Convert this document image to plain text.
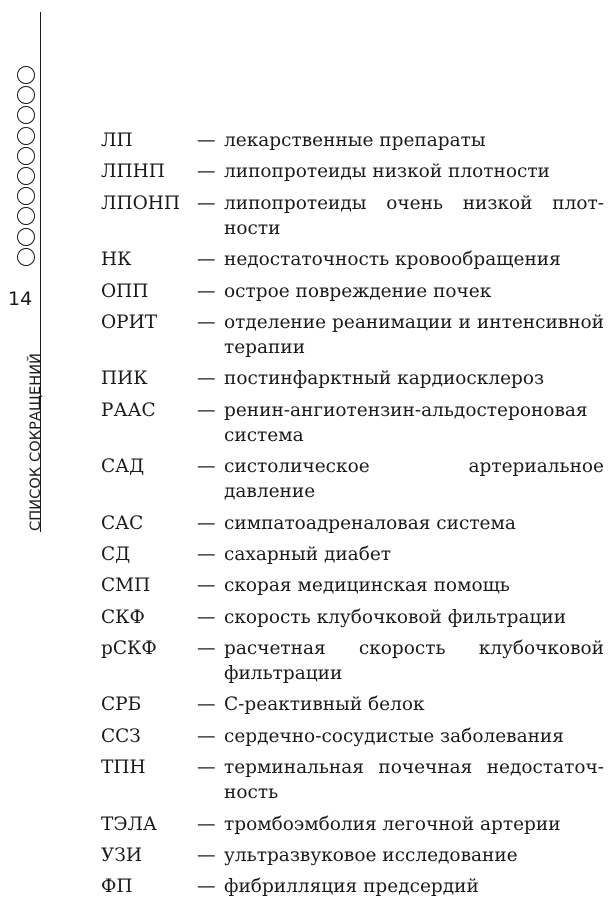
14
СПИСОК СОКРАЩЕНИЙ
ЛП	— лекарственные препараты
ЛПНП	— липопротеиды низкой плотности
ЛПОНП — липопротеиды очень низкой плотности
НК	— недостаточность кровообращения
ОПП	— острое повреждение почек
ОРИТ	— отделение реанимации и интенсивной терапии
ПИК	— постинфарктный кардиосклероз
РААС	— ренин-ангиотензин-альдостероновая система
САД	— систолическое артериальное давление
САС	— симпатоадреналовая система
СД	— сахарный диабет
СМП	— скорая медицинская помощь
СКФ	— скорость клубочковой фильтрации
рСКФ	— расчетная скорость клубочковой фильтрации
СРБ	— С-реактивный белок
ССЗ	— сердечно-сосудистые заболевания
ТПН	— терминальная почечная недостаточность
ТЭЛА	— тромбоэмболия легочной артерии
УЗИ	— ультразвуковое исследование
ФП	— фибрилляция предсердий
